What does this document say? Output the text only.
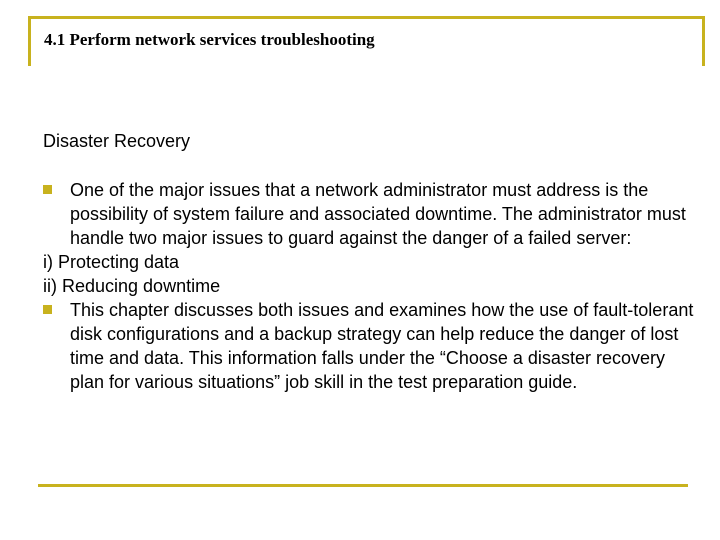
4.1 Perform network services troubleshooting
Disaster Recovery
One of the major issues that a network administrator must address is the possibility of system failure and associated downtime. The administrator must handle two major issues to guard against the danger of a failed server:
i) Protecting data
ii) Reducing downtime
This chapter discusses both issues and examines how the use of fault-tolerant disk configurations and a backup strategy can help reduce the danger of lost time and data. This information falls under the “Choose a disaster recovery plan for various situations” job skill in the test preparation guide.
